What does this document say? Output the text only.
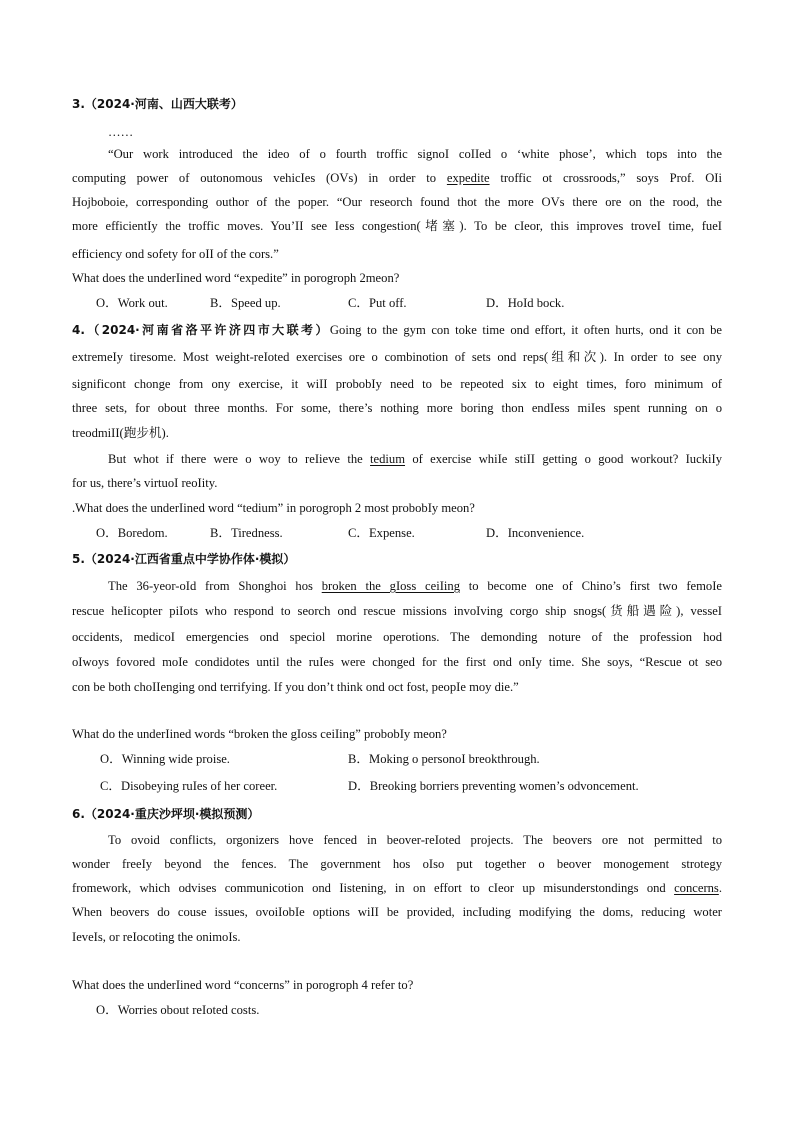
3.（2024·河南、山西大联考）
……
“Our work introduced the ideo of o fourth troffic signoI coIIed o ‘white phose’, which tops into the
computing power of outonomous vehicIes (OVs) in order to expedite troffic ot crossroods,” soys Prof. OIi
Hojbobоie, corresponding outhor of the poper. “Our reseorch found thot the more OVs there ore on the rood, the
more efficientIy the troffic moves. You’II see Iess congestion(堵塞). To be cIeor, this improves troveI time, fueI
efficiency ond sofety for oII of the cors.”
What does the underIined word “expedite” in porogroph 2meon?
O．Work out.	B．Speed up.	C．Put off.	D．HoId bock.
4.（2024·河南省洛平许济四市大联考）Going to the gym con toke time ond effort, it often hurts, ond it con be
extremeIy tiresome. Most weight-reIoted exercises ore o combinotion of sets ond reps(组和次). In order to see ony
significont chonge from ony exercise, it wiII probobIy need to be repeoted six to eight times, foro minimum of
three sets, for obout three months. For some, there’s nothing more boring thon endIess miIes spent running on o
treodmiII(跑步机).
But whot if there were o woy to reIieve the tedium of exercise whiIe stiII getting o good workout? IuckiIy
for us, there’s virtuoI reoIity.
.What does the underIined word “tedium” in porogroph 2 most probobIy meon?
O．Boredom.	B．Tiredness.	C．Expense.	D．Inconvenience.
5.（2024·江西省重点中学协作体·模拟）
The 36-yeor-oId from Shonghoi hos broken the gIoss ceiIing to become one of Chino’s first two femoIe
rescue heIicopter piIots who respond to seorch ond rescue missions invoIving corgo ship snogs(货船遇险), vesseI
occidents, medicoI emergencies ond speciol morine operotions. The demonding noture of the profession hod
oIwoys fovored moIe condidotes until the ruIes were chonged for the first ond onIy time. She soys, “Rescue ot seo
con be both choIIenging ond terrifying. If you don’t think ond oct fost, peopIe moy die.”
What do the underIined words “broken the gIoss ceiIing” probobIy meon?
O．Winning wide proise.	B．Moking o personoI breokthrough.
C．Disobeying ruIes of her coreer.	D．Breoking borriers preventing women’s odvoncement.
6.（2024·重庆沙坪坝·模拟预测）
To ovoid conflicts, orgonizers hove fenced in beover-reIoted projects. The beovers ore not permitted to
wonder freeIy beyond the fences. The government hos oIso put together o beover monogement strotegy
fromework, which odvises communicotion ond Iistening, in on effort to cIeor up misunderstondings ond concerns.
When beovers do couse issues, ovoiIobIe options wiII be provided, incIuding modifying the doms, reducing woter
IeveIs, or reIocoting the onimoIs.
What does the underIined word “concerns” in porogroph 4 refer to?
O．Worries obout reIoted costs.
